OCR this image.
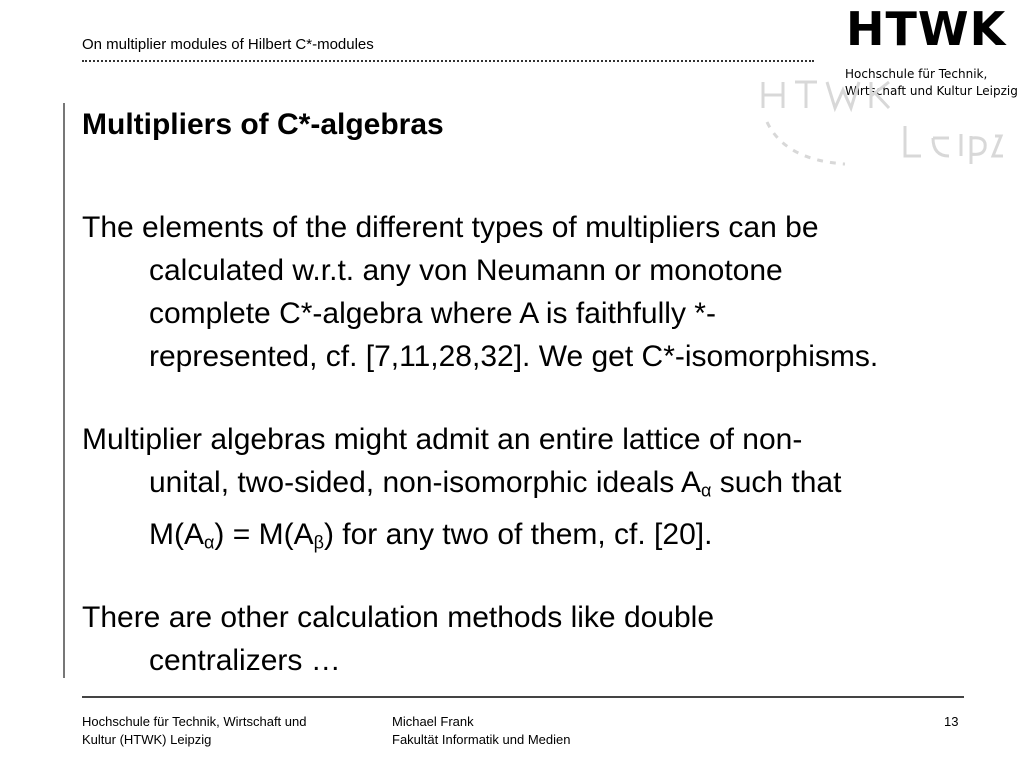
On multiplier modules of Hilbert C*-modules	HTWK
Hochschule für Technik,
Wirtschaft und Kultur Leipzig
Multipliers of C*-algebras
The elements of the different types of multipliers can be
calculated w.r.t. any von Neumann or monotone
complete C*-algebra where A is faithfully *-
represented, cf. [7,11,28,32]. We get C*-isomorphisms.
Multiplier algebras might admit an entire lattice of non-
unital, two-sided, non-isomorphic ideals $A_\alpha$ such that
$M(A_\alpha) = M(A_\beta)$ for any two of them, cf. [20].
There are other calculation methods like double
centralizers …
Hochschule für Technik, Wirtschaft und
Kultur (HTWK) Leipzig
Michael Frank
Fakultät Informatik und Medien
13
